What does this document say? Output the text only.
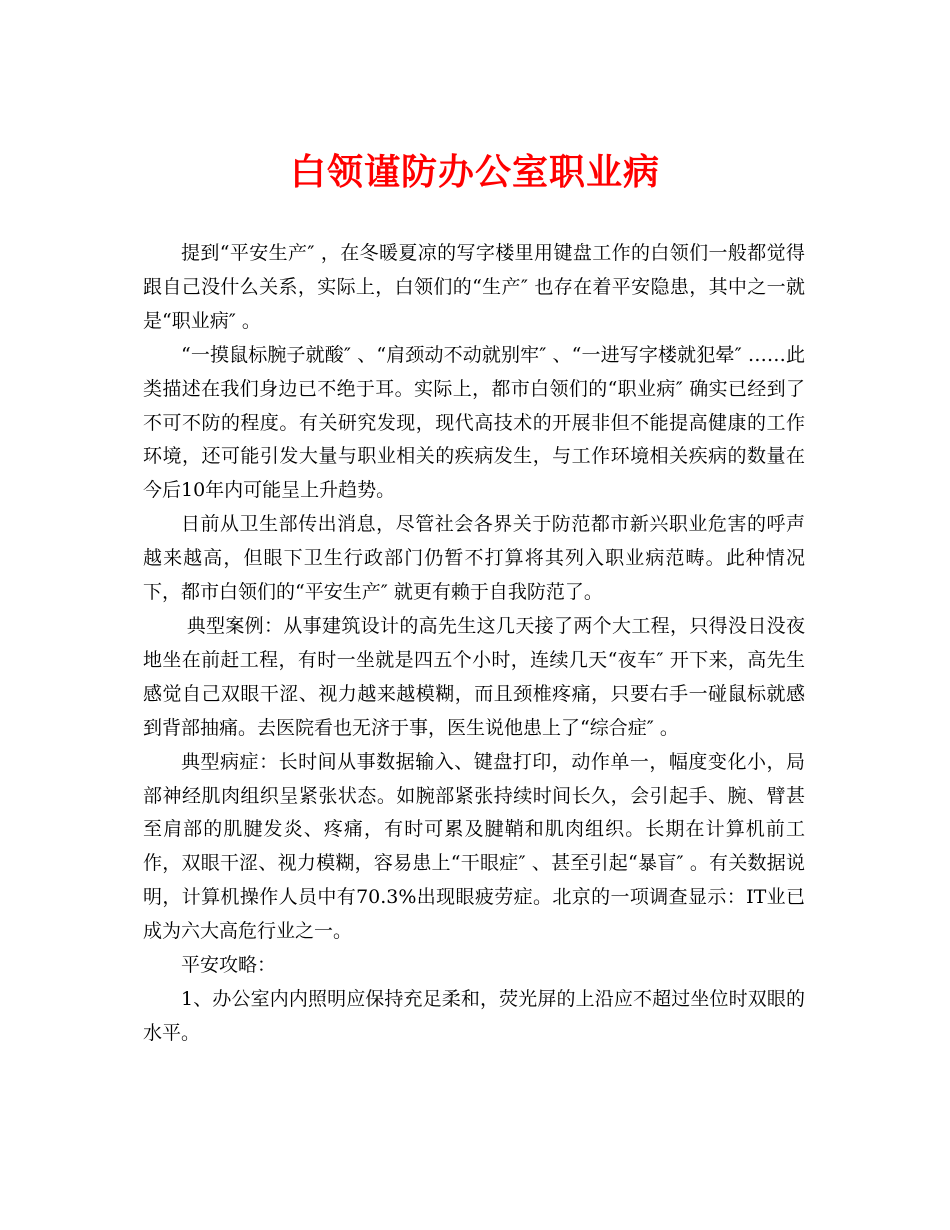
白领谨防办公室职业病

提到“平安生产″ ，在冬暖夏凉的写字楼里用键盘工作的白领们一般都觉得跟自己没什么关系，实际上，白领们的“生产″ 也存在着平安隐患，其中之一就是“职业病″ 。

“一摸鼠标腕子就酸″ 、“肩颈动不动就别牢″ 、“一进写字楼就犯晕″ ……此类描述在我们身边已不绝于耳。实际上，都市白领们的“职业病″ 确实已经到了不可不防的程度。有关研究发现，现代高技术的开展非但不能提高健康的工作环境，还可能引发大量与职业相关的疾病发生，与工作环境相关疾病的数量在今后10年内可能呈上升趋势。

日前从卫生部传出消息，尽管社会各界关于防范都市新兴职业危害的呼声越来越高，但眼下卫生行政部门仍暂不打算将其列入职业病范畴。此种情况下，都市白领们的“平安生产″ 就更有赖于自我防范了。

典型案例：从事建筑设计的高先生这几天接了两个大工程，只得没日没夜地坐在前赶工程，有时一坐就是四五个小时，连续几天“夜车″ 开下来，高先生感觉自己双眼干涩、视力越来越模糊，而且颈椎疼痛，只要右手一碰鼠标就感到背部抽痛。去医院看也无济于事，医生说他患上了“综合症″ 。

典型病症：长时间从事数据输入、键盘打印，动作单一，幅度变化小，局部神经肌肉组织呈紧张状态。如腕部紧张持续时间长久，会引起手、腕、臂甚至肩部的肌腱发炎、疼痛，有时可累及腱鞘和肌肉组织。长期在计算机前工作，双眼干涩、视力模糊，容易患上“干眼症″ 、甚至引起“暴盲″ 。有关数据说明，计算机操作人员中有70.3%出现眼疲劳症。北京的一项调查显示：IT业已成为六大高危行业之一。

平安攻略：

1、办公室内内照明应保持充足柔和，荧光屏的上沿应不超过坐位时双眼的水平。
